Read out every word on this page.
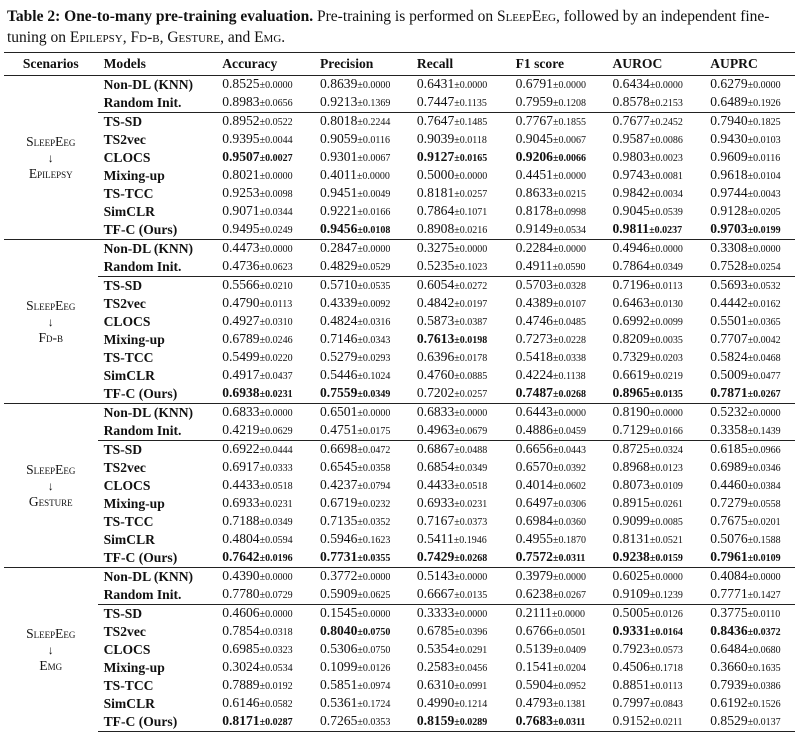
Table 2: One-to-many pre-training evaluation. Pre-training is performed on SleepEeg, followed by an independent fine-tuning on Epilepsy, Fd-b, Gesture, and Emg.
Scenarios	Models	Accuracy	Precision	Recall	F1 score	AUROC	AUPRC

SleepEeg
↓
Epilepsy	Non-DL (KNN)	0.8525±0.0000	0.8639±0.0000	0.6431±0.0000	0.6791±0.0000	0.6434±0.0000	0.6279±0.0000
	Random Init.	0.8983±0.0656	0.9213±0.1369	0.7447±0.1135	0.7959±0.1208	0.8578±0.2153	0.6489±0.1926
	TS-SD	0.8952±0.0522	0.8018±0.2244	0.7647±0.1485	0.7767±0.1855	0.7677±0.2452	0.7940±0.1825
	TS2vec	0.9395±0.0044	0.9059±0.0116	0.9039±0.0118	0.9045±0.0067	0.9587±0.0086	0.9430±0.0103
	CLOCS	0.9507±0.0027	0.9301±0.0067	0.9127±0.0165	0.9206±0.0066	0.9803±0.0023	0.9609±0.0116
	Mixing-up	0.8021±0.0000	0.4011±0.0000	0.5000±0.0000	0.4451±0.0000	0.9743±0.0081	0.9618±0.0104
	TS-TCC	0.9253±0.0098	0.9451±0.0049	0.8181±0.0257	0.8633±0.0215	0.9842±0.0034	0.9744±0.0043
	SimCLR	0.9071±0.0344	0.9221±0.0166	0.7864±0.1071	0.8178±0.0998	0.9045±0.0539	0.9128±0.0205
	TF-C (Ours)	0.9495±0.0249	0.9456±0.0108	0.8908±0.0216	0.9149±0.0534	0.9811±0.0237	0.9703±0.0199

SleepEeg
↓
Fd-b	Non-DL (KNN)	0.4473±0.0000	0.2847±0.0000	0.3275±0.0000	0.2284±0.0000	0.4946±0.0000	0.3308±0.0000
	Random Init.	0.4736±0.0623	0.4829±0.0529	0.5235±0.1023	0.4911±0.0590	0.7864±0.0349	0.7528±0.0254
	TS-SD	0.5566±0.0210	0.5710±0.0535	0.6054±0.0272	0.5703±0.0328	0.7196±0.0113	0.5693±0.0532
	TS2vec	0.4790±0.0113	0.4339±0.0092	0.4842±0.0197	0.4389±0.0107	0.6463±0.0130	0.4442±0.0162
	CLOCS	0.4927±0.0310	0.4824±0.0316	0.5873±0.0387	0.4746±0.0485	0.6992±0.0099	0.5501±0.0365
	Mixing-up	0.6789±0.0246	0.7146±0.0343	0.7613±0.0198	0.7273±0.0228	0.8209±0.0035	0.7707±0.0042
	TS-TCC	0.5499±0.0220	0.5279±0.0293	0.6396±0.0178	0.5418±0.0338	0.7329±0.0203	0.5824±0.0468
	SimCLR	0.4917±0.0437	0.5446±0.1024	0.4760±0.0885	0.4224±0.1138	0.6619±0.0219	0.5009±0.0477
	TF-C (Ours)	0.6938±0.0231	0.7559±0.0349	0.7202±0.0257	0.7487±0.0268	0.8965±0.0135	0.7871±0.0267

SleepEeg
↓
Gesture	Non-DL (KNN)	0.6833±0.0000	0.6501±0.0000	0.6833±0.0000	0.6443±0.0000	0.8190±0.0000	0.5232±0.0000
	Random Init.	0.4219±0.0629	0.4751±0.0175	0.4963±0.0679	0.4886±0.0459	0.7129±0.0166	0.3358±0.1439
	TS-SD	0.6922±0.0444	0.6698±0.0472	0.6867±0.0488	0.6656±0.0443	0.8725±0.0324	0.6185±0.0966
	TS2vec	0.6917±0.0333	0.6545±0.0358	0.6854±0.0349	0.6570±0.0392	0.8968±0.0123	0.6989±0.0346
	CLOCS	0.4433±0.0518	0.4237±0.0794	0.4433±0.0518	0.4014±0.0602	0.8073±0.0109	0.4460±0.0384
	Mixing-up	0.6933±0.0231	0.6719±0.0232	0.6933±0.0231	0.6497±0.0306	0.8915±0.0261	0.7279±0.0558
	TS-TCC	0.7188±0.0349	0.7135±0.0352	0.7167±0.0373	0.6984±0.0360	0.9099±0.0085	0.7675±0.0201
	SimCLR	0.4804±0.0594	0.5946±0.1623	0.5411±0.1946	0.4955±0.1870	0.8131±0.0521	0.5076±0.1588
	TF-C (Ours)	0.7642±0.0196	0.7731±0.0355	0.7429±0.0268	0.7572±0.0311	0.9238±0.0159	0.7961±0.0109

SleepEeg
↓
Emg	Non-DL (KNN)	0.4390±0.0000	0.3772±0.0000	0.5143±0.0000	0.3979±0.0000	0.6025±0.0000	0.4084±0.0000
	Random Init.	0.7780±0.0729	0.5909±0.0625	0.6667±0.0135	0.6238±0.0267	0.9109±0.1239	0.7771±0.1427
	TS-SD	0.4606±0.0000	0.1545±0.0000	0.3333±0.0000	0.2111±0.0000	0.5005±0.0126	0.3775±0.0110
	TS2vec	0.7854±0.0318	0.8040±0.0750	0.6785±0.0396	0.6766±0.0501	0.9331±0.0164	0.8436±0.0372
	CLOCS	0.6985±0.0323	0.5306±0.0750	0.5354±0.0291	0.5139±0.0409	0.7923±0.0573	0.6484±0.0680
	Mixing-up	0.3024±0.0534	0.1099±0.0126	0.2583±0.0456	0.1541±0.0204	0.4506±0.1718	0.3660±0.1635
	TS-TCC	0.7889±0.0192	0.5851±0.0974	0.6310±0.0991	0.5904±0.0952	0.8851±0.0113	0.7939±0.0386
	SimCLR	0.6146±0.0582	0.5361±0.1724	0.4990±0.1214	0.4793±0.1381	0.7997±0.0843	0.6192±0.1526
	TF-C (Ours)	0.8171±0.0287	0.7265±0.0353	0.8159±0.0289	0.7683±0.0311	0.9152±0.0211	0.8529±0.0137
